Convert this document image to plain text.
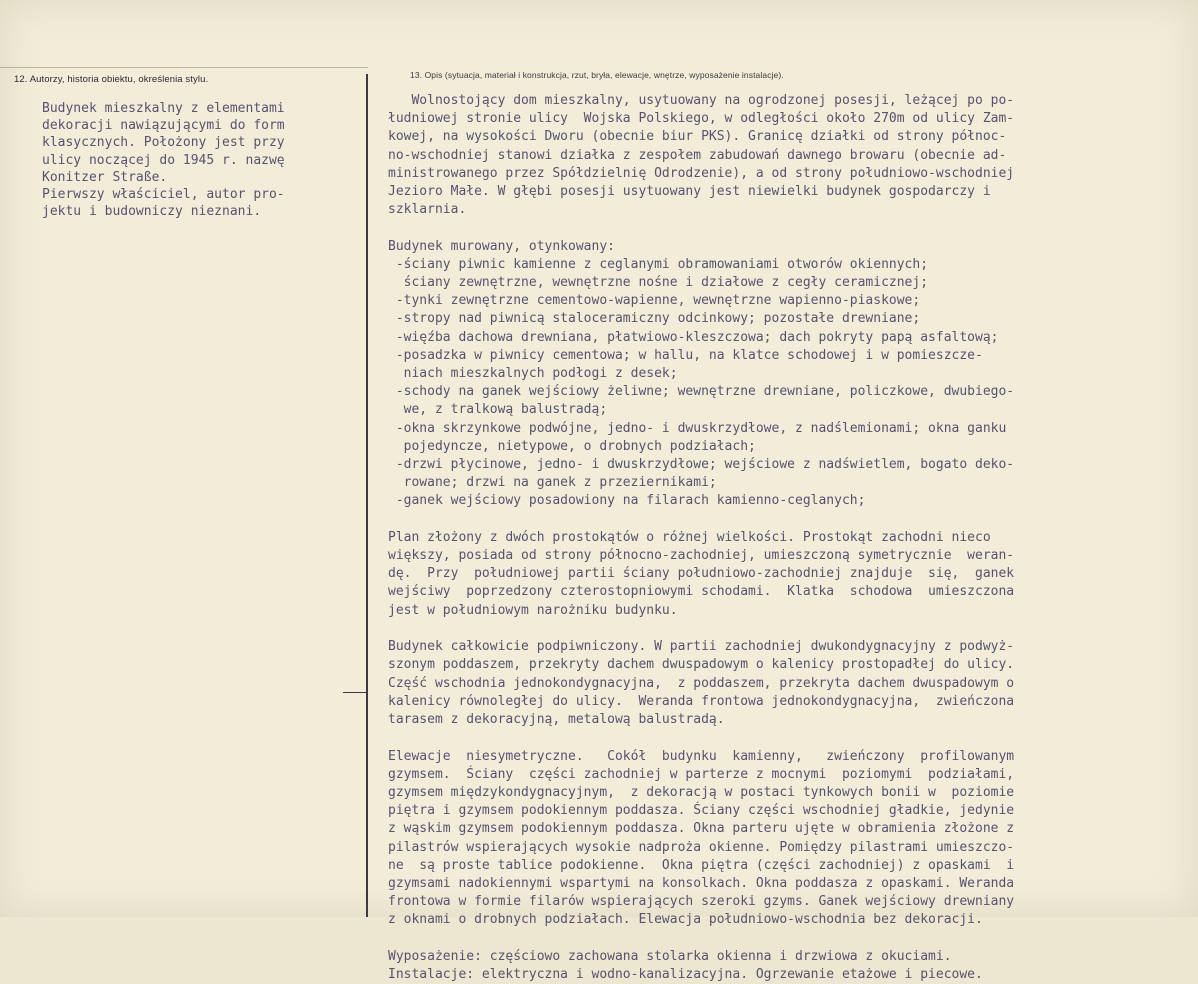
12. Autorzy, historia obiektu, określenia stylu.	13. Opis (sytuacja, materiał i konstrukcja, rzut, bryła, elewacje, wnętrze, wyposażenie instalacje).

Budynek mieszkalny z elementami

dekoracji nawiązującymi do form

klasycznych. Położony jest przy

ulicy noczącej do 1945 r. nazwę

Konitzer Straße.

Pierwszy właściciel, autor pro-

jektu i budowniczy nieznani.

Wolnostojący dom mieszkalny, usytuowany na ogrodzonej posesji, leżącej po po-
łudniowej stronie ulicy  Wojska Polskiego, w odległości około 270m od ulicy Zam-
kowej, na wysokości Dworu (obecnie biur PKS). Granicę działki od strony północ-
no-wschodniej stanowi działka z zespołem zabudowań dawnego browaru (obecnie ad-
ministrowanego przez Spółdzielnię Odrodzenie), a od strony południowo-wschodniej
Jezioro Małe. W głębi posesji usytuowany jest niewielki budynek gospodarczy i
szklarnia.
Budynek murowany, otynkowany:
-ściany piwnic kamienne z ceglanymi obramowaniami otworów okiennych;
ściany zewnętrzne, wewnętrzne nośne i działowe z cegły ceramicznej;
-tynki zewnętrzne cementowo-wapienne, wewnętrzne wapienno-piaskowe;
-stropy nad piwnicą staloceramiczny odcinkowy; pozostałe drewniane;
-więźba dachowa drewniana, płatwiowo-kleszczowa; dach pokryty papą asfaltową;
-posadzka w piwnicy cementowa; w hallu, na klatce schodowej i w pomieszcze-
niach mieszkalnych podłogi z desek;
-schody na ganek wejściowy żeliwne; wewnętrzne drewniane, policzkowe, dwubiego-
we, z tralkową balustradą;
-okna skrzynkowe podwójne, jedno- i dwuskrzydłowe, z nadślemionami; okna ganku
pojedyncze, nietypowe, o drobnych podziałach;
-drzwi płycinowe, jedno- i dwuskrzydłowe; wejściowe z nadświetlem, bogato deko-
rowane; drzwi na ganek z przeziernikami;
-ganek wejściowy posadowiony na filarach kamienno-ceglanych;
Plan złożony z dwóch prostokątów o różnej wielkości. Prostokąt zachodni nieco
większy, posiada od strony północno-zachodniej, umieszczoną symetrycznie  weran-
dę.  Przy  południowej partii ściany południowo-zachodniej znajduje  się,  ganek
wejściwy  poprzedzony czterostopniowymi schodami.  Klatka  schodowa  umieszczona
jest w południowym narożniku budynku.
Budynek całkowicie podpiwniczony. W partii zachodniej dwukondygnacyjny z podwyż-
szonym poddaszem, przekryty dachem dwuspadowym o kalenicy prostopadłej do ulicy.
Część wschodnia jednokondygnacyjna,  z poddaszem, przekryta dachem dwuspadowym o
kalenicy równoległej do ulicy.  Weranda frontowa jednokondygnacyjna,  zwieńczona
tarasem z dekoracyjną, metalową balustradą.
Elewacje  niesymetryczne.   Cokół  budynku  kamienny,   zwieńczony  profilowanym
gzymsem.  Ściany  części zachodniej w parterze z mocnymi  poziomymi  podziałami,
gzymsem międzykondygnacyjnym,  z dekoracją w postaci tynkowych bonii w  poziomie
piętra i gzymsem podokiennym poddasza. Ściany części wschodniej gładkie, jedynie
z wąskim gzymsem podokiennym poddasza. Okna parteru ujęte w obramienia złożone z
pilastrów wspierających wysokie nadproża okienne. Pomiędzy pilastrami umieszczo-
ne  są proste tablice podokienne.  Okna piętra (części zachodniej) z opaskami  i
gzymsami nadokiennymi wspartymi na konsolkach. Okna poddasza z opaskami. Weranda
frontowa w formie filarów wspierających szeroki gzyms. Ganek wejściowy drewniany
z oknami o drobnych podziałach. Elewacja południowo-wschodnia bez dekoracji.
Wyposażenie: częściowo zachowana stolarka okienna i drzwiowa z okuciami.
Instalacje: elektryczna i wodno-kanalizacyjna. Ogrzewanie etażowe i piecowe.
